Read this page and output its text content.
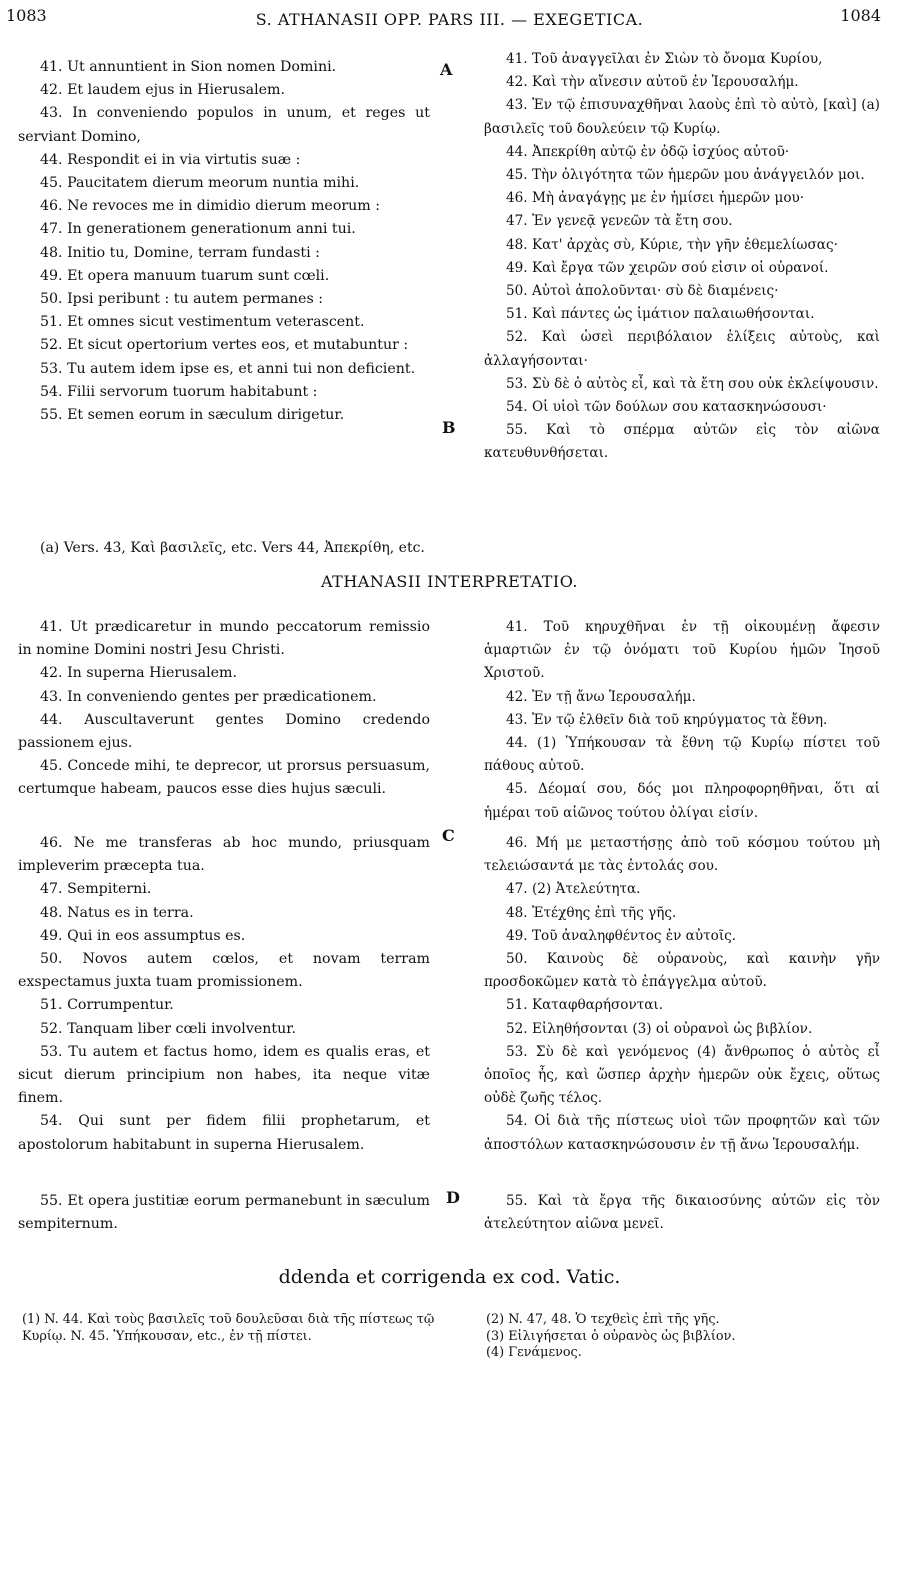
1083	S. ATHANASII OPP. PARS III. — EXEGETICA.	1084

41. Ut annuntient in Sion nomen Domini.

42. Et laudem ejus in Hierusalem.

43. In conveniendo populos in unum, et reges ut serviant Domino,

44. Respondit ei in via virtutis suæ :

45. Paucitatem dierum meorum nuntia mihi.

46. Ne revoces me in dimidio dierum meorum :

47. In generationem generationum anni tui.

48. Initio tu, Domine, terram fundasti :

49. Et opera manuum tuarum sunt cœli.

50. Ipsi peribunt : tu autem permanes :

51. Et omnes sicut vestimentum veterascent.

52. Et sicut opertorium vertes eos, et mutabuntur :

53. Tu autem idem ipse es, et anni tui non deficient.

54. Filii servorum tuorum habitabunt :

55. Et semen eorum in sæculum dirigetur.

A
B

41. Τοῦ ἀναγγεῖλαι ἐν Σιὼν τὸ ὄνομα Κυρίου,

42. Καὶ τὴν αἴνεσιν αὐτοῦ ἐν Ἱερουσαλήμ.

43. Ἐν τῷ ἐπισυναχθῆναι λαοὺς ἐπὶ τὸ αὐτὸ, [καὶ] (a) βασιλεῖς τοῦ δουλεύειν τῷ Κυρίῳ.

44. Ἀπεκρίθη αὐτῷ ἐν ὁδῷ ἰσχύος αὐτοῦ·

45. Τὴν ὀλιγότητα τῶν ἡμερῶν μου ἀνάγγειλόν μοι.

46. Μὴ ἀναγάγῃς με ἐν ἡμίσει ἡμερῶν μου·

47. Ἐν γενεᾷ γενεῶν τὰ ἔτη σου.

48. Κατ' ἀρχὰς σὺ, Κύριε, τὴν γῆν ἐθεμελίωσας·

49. Καὶ ἔργα τῶν χειρῶν σού εἰσιν οἱ οὐρανοί.

50. Αὐτοὶ ἀπολοῦνται· σὺ δὲ διαμένεις·

51. Καὶ πάντες ὡς ἱμάτιον παλαιωθήσονται.

52. Καὶ ὡσεὶ περιβόλαιον ἑλίξεις αὐτοὺς, καὶ ἀλλαγήσονται·

53. Σὺ δὲ ὁ αὐτὸς εἶ, καὶ τὰ ἔτη σου οὐκ ἐκλείψουσιν.

54. Οἱ υἱοὶ τῶν δούλων σου κατασκηνώσουσι·

55. Καὶ τὸ σπέρμα αὐτῶν εἰς τὸν αἰῶνα κατευθυνθήσεται.

(a) Vers. 43, Καὶ βασιλεῖς, etc. Vers 44, Ἀπεκρίθη, etc.
ATHANASII INTERPRETATIO.

41. Ut prædicaretur in mundo peccatorum remissio in nomine Domini nostri Jesu Christi.

42. In superna Hierusalem.

43. In conveniendo gentes per prædicationem.

44. Auscultaverunt gentes Domino credendo passionem ejus.

45. Concede mihi, te deprecor, ut prorsus persuasum, certumque habeam, paucos esse dies hujus sæculi.

41. Τοῦ κηρυχθῆναι ἐν τῇ οἰκουμένῃ ἄφεσιν ἁμαρτιῶν ἐν τῷ ὀνόματι τοῦ Κυρίου ἡμῶν Ἰησοῦ Χριστοῦ.

42. Ἐν τῇ ἄνω Ἱερουσαλήμ.

43. Ἐν τῷ ἐλθεῖν διὰ τοῦ κηρύγματος τὰ ἔθνη.

44. (1) Ὑπήκουσαν τὰ ἔθνη τῷ Κυρίῳ πίστει τοῦ πάθους αὐτοῦ.

45. Δέομαί σου, δός μοι πληροφορηθῆναι, ὅτι αἱ ἡμέραι τοῦ αἰῶνος τούτου ὀλίγαι εἰσίν.

C

46. Ne me transferas ab hoc mundo, priusquam impleverim præcepta tua.

47. Sempiterni.

48. Natus es in terra.

49. Qui in eos assumptus es.

50. Novos autem cœlos, et novam terram exspectamus juxta tuam promissionem.

51. Corrumpentur.

52. Tanquam liber cœli involventur.

53. Tu autem et factus homo, idem es qualis eras, et sicut dierum principium non habes, ita neque vitæ finem.

54. Qui sunt per fidem filii prophetarum, et apostolorum habitabunt in superna Hierusalem.

46. Μή με μεταστήσῃς ἀπὸ τοῦ κόσμου τούτου μὴ τελειώσαντά με τὰς ἐντολάς σου.

47. (2) Ἀτελεύτητα.

48. Ἐτέχθης ἐπὶ τῆς γῆς.

49. Τοῦ ἀναληφθέντος ἐν αὐτοῖς.

50. Καινοὺς δὲ οὐρανοὺς, καὶ καινὴν γῆν προσδοκῶμεν κατὰ τὸ ἐπάγγελμα αὐτοῦ.

51. Καταφθαρήσονται.

52. Εἰληθήσονται (3) οἱ οὐρανοὶ ὡς βιβλίον.

53. Σὺ δὲ καὶ γενόμενος (4) ἄνθρωπος ὁ αὐτὸς εἶ ὁποῖος ἦς, καὶ ὥσπερ ἀρχὴν ἡμερῶν οὐκ ἔχεις, οὕτως οὐδὲ ζωῆς τέλος.

54. Οἱ διὰ τῆς πίστεως υἱοὶ τῶν προφητῶν καὶ τῶν ἀποστόλων κατασκηνώσουσιν ἐν τῇ ἄνω Ἱερουσαλήμ.

D

55. Et opera justitiæ eorum permanebunt in sæculum sempiternum.

55. Καὶ τὰ ἔργα τῆς δικαιοσύνης αὐτῶν εἰς τὸν ἀτελεύτητον αἰῶνα μενεῖ.

ddenda et corrigenda ex cod. Vatic.

(1) N. 44. Καὶ τοὺς βασιλεῖς τοῦ δουλεῦσαι διὰ τῆς πίστεως τῷ Κυρίῳ. N. 45. Ὑπήκουσαν, etc., ἐν τῇ πίστει.

(2) N. 47, 48. Ὁ τεχθεὶς ἐπὶ τῆς γῆς.

(3) Εἰλιγήσεται ὁ οὐρανὸς ὡς βιβλίον.

(4) Γενάμενος.
